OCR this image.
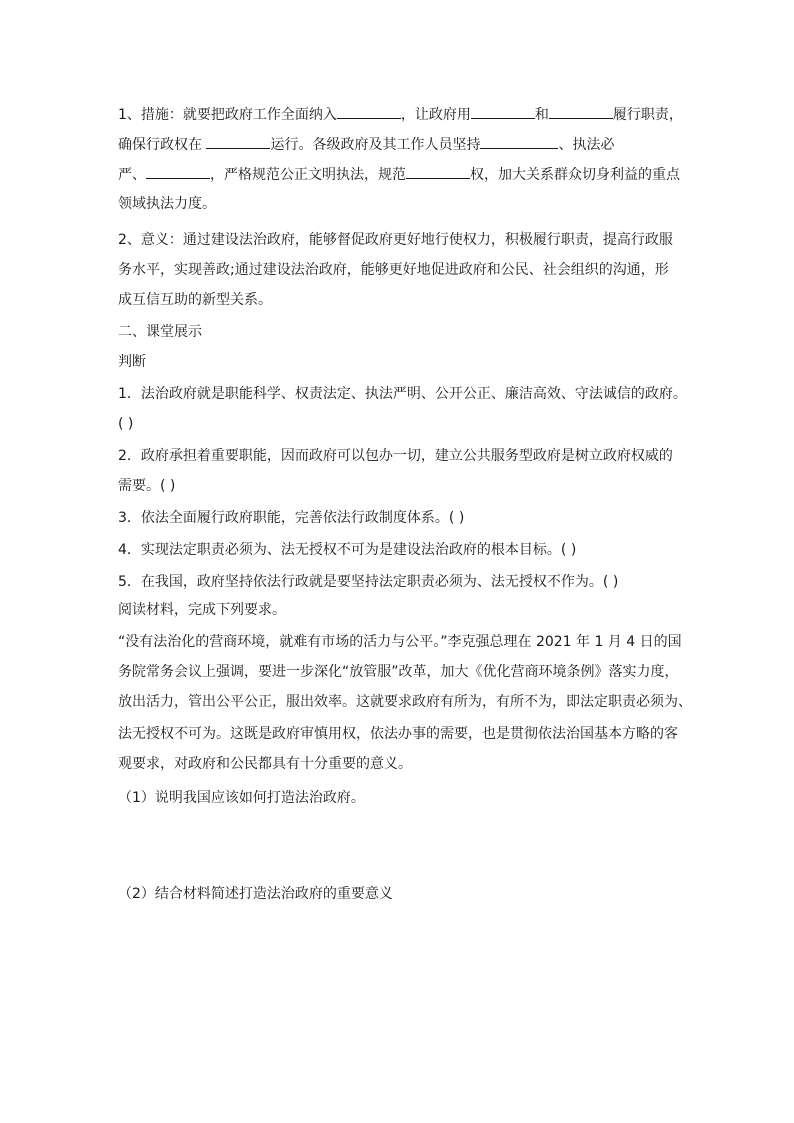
1、措施：就要把政府工作全面纳入	，让政府用	和	履行职责，
确保行政权在	运行。各级政府及其工作人员坚持	、执法必
严、	，严格规范公正文明执法，规范	权，加大关系群众切身利益的重点
领域执法力度。
2、意义：通过建设法治政府，能够督促政府更好地行使权力，积极履行职责，提高行政服
务水平，实现善政;通过建设法治政府，能够更好地促进政府和公民、社会组织的沟通，形
成互信互助的新型关系。
二、课堂展示
判断
1．法治政府就是职能科学、权责法定、执法严明、公开公正、廉洁高效、守法诚信的政府。
( )
2．政府承担着重要职能，因而政府可以包办一切，建立公共服务型政府是树立政府权威的
需要。( )
3．依法全面履行政府职能，完善依法行政制度体系。( )
4．实现法定职责必须为、法无授权不可为是建设法治政府的根本目标。( )
5．在我国，政府坚持依法行政就是要坚持法定职责必须为、法无授权不作为。( )
阅读材料，完成下列要求。
“没有法治化的营商环境，就难有市场的活力与公平。”李克强总理在 2021 年 1 月 4 日的国
务院常务会议上强调，要进一步深化“放管服”改革，加大《优化营商环境条例》落实力度，
放出活力，管出公平公正，服出效率。这就要求政府有所为，有所不为，即法定职责必须为、
法无授权不可为。这既是政府审慎用权，依法办事的需要，也是贯彻依法治国基本方略的客
观要求，对政府和公民都具有十分重要的意义。
（1）说明我国应该如何打造法治政府。
（2）结合材料简述打造法治政府的重要意义
